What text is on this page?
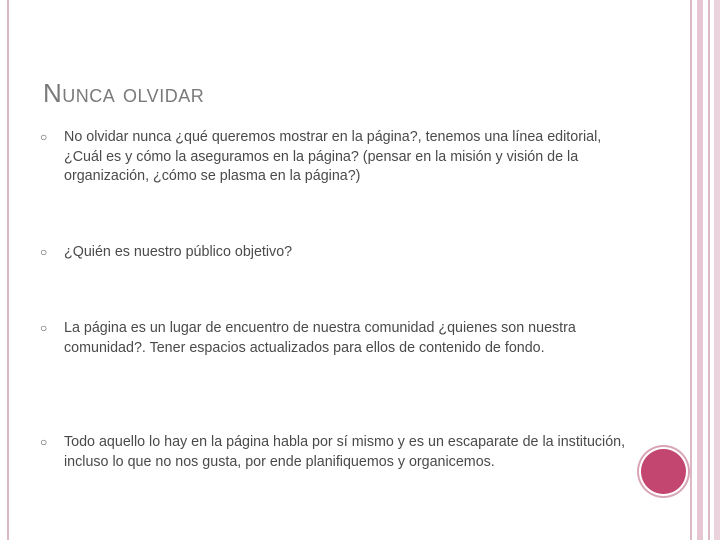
Nunca olvidar
○	No olvidar nunca ¿qué queremos mostrar en la página?, tenemos una línea editorial, ¿Cuál es y cómo la aseguramos en la página? (pensar en la misión y visión de la organización, ¿cómo se plasma en la página?)
○	¿Quién es nuestro público objetivo?
○	La página es un lugar de encuentro de nuestra comunidad ¿quienes son nuestra comunidad?. Tener espacios actualizados para ellos de contenido de fondo.
○	Todo aquello lo hay en la página habla por sí mismo y es un escaparate de la institución, incluso lo que no nos gusta, por ende planifiquemos y organicemos.
